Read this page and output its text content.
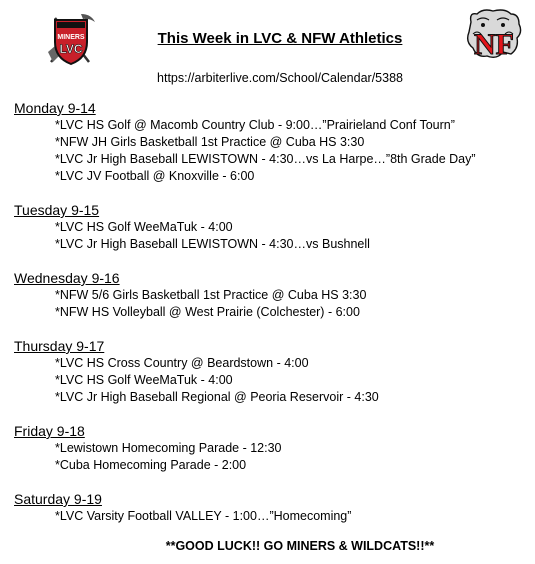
MINERS
LVC	NF
This Week in LVC & NFW Athletics
https://arbiterlive.com/School/Calendar/5388
Monday 9-14
*LVC HS Golf @ Macomb Country Club - 9:00…”Prairieland Conf Tourn”
*NFW JH Girls Basketball 1st Practice @ Cuba HS 3:30
*LVC Jr High Baseball LEWISTOWN - 4:30…vs La Harpe…”8th Grade Day”
*LVC JV Football @ Knoxville - 6:00
Tuesday 9-15
*LVC HS Golf WeeMaTuk - 4:00
*LVC Jr High Baseball LEWISTOWN - 4:30…vs Bushnell
Wednesday 9-16
*NFW 5/6 Girls Basketball 1st Practice @ Cuba HS 3:30
*NFW HS Volleyball @ West Prairie (Colchester) - 6:00
Thursday 9-17
*LVC HS Cross Country @ Beardstown - 4:00
*LVC HS Golf WeeMaTuk - 4:00
*LVC Jr High Baseball Regional @ Peoria Reservoir - 4:30
Friday 9-18
*Lewistown Homecoming Parade - 12:30
*Cuba Homecoming Parade - 2:00
Saturday 9-19
*LVC Varsity Football VALLEY - 1:00…”Homecoming”
**GOOD LUCK!! GO MINERS & WILDCATS!!**
